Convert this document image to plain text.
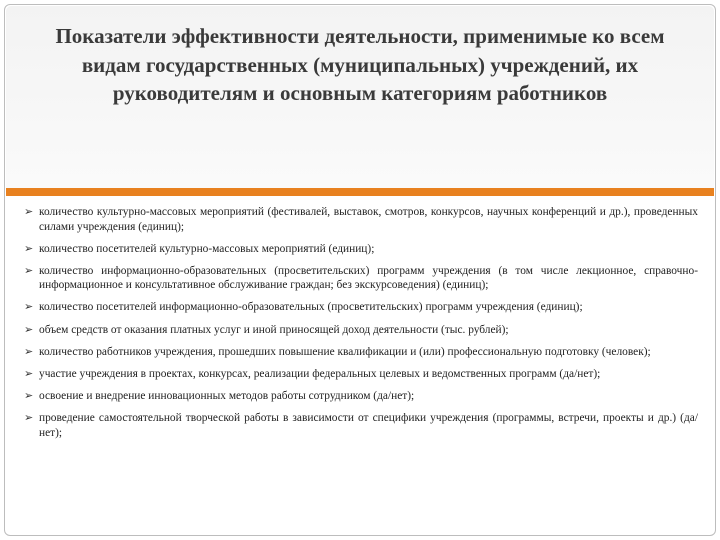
Показатели эффективности деятельности, применимые ко всем видам государственных (муниципальных) учреждений, их руководителям и основным категориям работников
➢ количество культурно-массовых мероприятий (фестивалей, выставок, смотров, конкурсов, научных конференций и др.), проведенных силами учреждения (единиц);
➢ количество посетителей культурно-массовых мероприятий (единиц);
➢ количество информационно-образовательных (просветительских) программ учреждения (в том числе лекционное, справочно-информационное и консультативное обслуживание граждан; без экскурсоведения) (единиц);
➢ количество посетителей информационно-образовательных (просветительских) программ учреждения (единиц);
➢ объем средств от оказания платных услуг и иной приносящей доход деятельности (тыс. рублей);
➢ количество работников учреждения, прошедших повышение квалификации и (или) профессиональную подготовку (человек);
➢ участие учреждения в проектах, конкурсах, реализации федеральных целевых и ведомственных программ (да/нет);
➢ освоение и внедрение инновационных методов работы сотрудником (да/нет);
➢ проведение самостоятельной творческой работы в зависимости от специфики учреждения (программы, встречи, проекты и др.) (да/нет);
